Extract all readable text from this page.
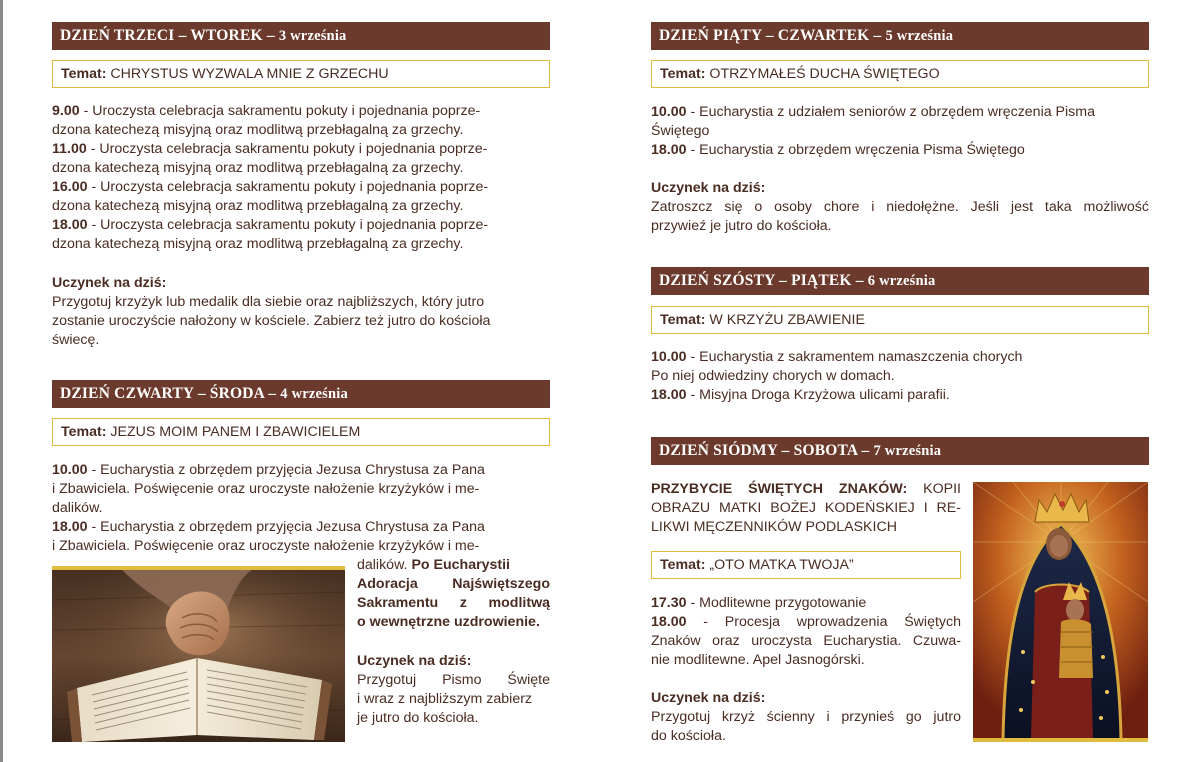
DZIEŃ TRZECI – WTOREK – 3 września
Temat: CHRYSTUS WYZWALA MNIE Z GRZECHU

9.00 - Uroczysta celebracja sakramentu pokuty i pojednania poprze-

dzona katechezą misyjną oraz modlitwą przebłagalną za grzechy.

11.00 - Uroczysta celebracja sakramentu pokuty i pojednania poprze-

dzona katechezą misyjną oraz modlitwą przebłagalną za grzechy.

16.00 - Uroczysta celebracja sakramentu pokuty i pojednania poprze-

dzona katechezą misyjną oraz modlitwą przebłagalną za grzechy.

18.00 - Uroczysta celebracja sakramentu pokuty i pojednania poprze-

dzona katechezą misyjną oraz modlitwą przebłagalną za grzechy.

Uczynek na dziś:

Przygotuj krzyżyk lub medalik dla siebie oraz najbliższych, który jutro

zostanie uroczyście nałożony w kościele. Zabierz też jutro do kościoła

świecę.

DZIEŃ CZWARTY – ŚRODA – 4 września
Temat: JEZUS MOIM PANEM I ZBAWICIELEM

10.00 - Eucharystia z obrzędem przyjęcia Jezusa Chrystusa za Pana

i Zbawiciela. Poświęcenie oraz uroczyste nałożenie krzyżyków i me-

dalików.

18.00 - Eucharystia z obrzędem przyjęcia Jezusa Chrystusa za Pana

i Zbawiciela. Poświęcenie oraz uroczyste nałożenie krzyżyków i me-

dalików. Po Eucharystii

Adoracja Najświętszego

Sakramentu z modlitwą

o wewnętrzne uzdrowienie.

Uczynek na dziś:

Przygotuj Pismo Święte

i wraz z najbliższym zabierz

je jutro do kościoła.

DZIEŃ PIĄTY – CZWARTEK – 5 września
Temat: OTRZYMAŁEŚ DUCHA ŚWIĘTEGO

10.00 - Eucharystia z udziałem seniorów z obrzędem wręczenia Pisma

Świętego

18.00 - Eucharystia z obrzędem wręczenia Pisma Świętego

Uczynek na dziś:

Zatroszcz się o osoby chore i niedołężne. Jeśli jest taka możliwość

przywieź je jutro do kościoła.

DZIEŃ SZÓSTY – PIĄTEK – 6 września
Temat: W KRZYŻU ZBAWIENIE

10.00 - Eucharystia z sakramentem namaszczenia chorych

Po niej odwiedziny chorych w domach.

18.00 - Misyjna Droga Krzyżowa ulicami parafii.

DZIEŃ SIÓDMY – SOBOTA – 7 września

PRZYBYCIE ŚWIĘTYCH ZNAKÓW: KOPII

OBRAZU MATKI BOŻEJ KODEŃSKIEJ I RE-

LIKWI MĘCZENNIKÓW PODLASKICH

Temat: „OTO MATKA TWOJA”

17.30 - Modlitewne przygotowanie

18.00 - Procesja wprowadzenia Świętych

Znaków oraz uroczysta Eucharystia. Czuwa-

nie modlitewne. Apel Jasnogórski.

Uczynek na dziś:

Przygotuj krzyż ścienny i przynieś go jutro

do kościoła.
